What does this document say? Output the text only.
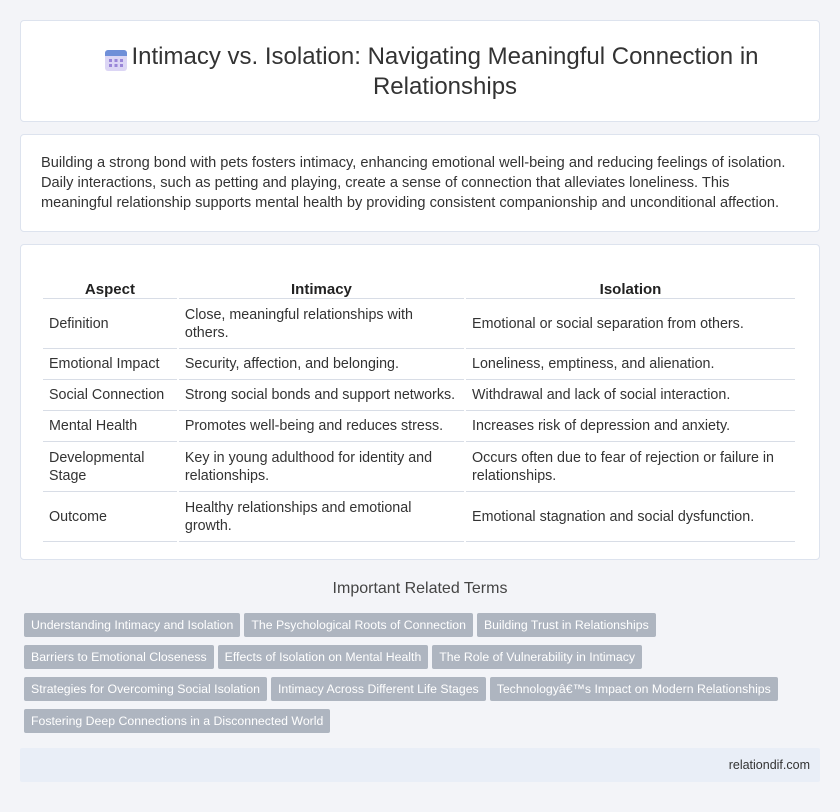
Intimacy vs. Isolation: Navigating Meaningful Connection in Relationships

Building a strong bond with pets fosters intimacy, enhancing emotional well-being and reducing feelings of isolation. Daily interactions, such as petting and playing, create a sense of connection that alleviates loneliness. This meaningful relationship supports mental health by providing consistent companionship and unconditional affection.

Aspect	Intimacy	Isolation
Definition	Close, meaningful relationships with others.	Emotional or social separation from others.
Emotional Impact	Security, affection, and belonging.	Loneliness, emptiness, and alienation.
Social Connection	Strong social bonds and support networks.	Withdrawal and lack of social interaction.
Mental Health	Promotes well-being and reduces stress.	Increases risk of depression and anxiety.
Developmental Stage	Key in young adulthood for identity and relationships.	Occurs often due to fear of rejection or failure in relationships.
Outcome	Healthy relationships and emotional growth.	Emotional stagnation and social dysfunction.
Important Related Terms
Understanding Intimacy and Isolation The Psychological Roots of Connection Building Trust in Relationships
Barriers to Emotional Closeness Effects of Isolation on Mental Health The Role of Vulnerability in Intimacy
Strategies for Overcoming Social Isolation Intimacy Across Different Life Stages Technologyâ€™s Impact on Modern Relationships
Fostering Deep Connections in a Disconnected World
relationdif.com
